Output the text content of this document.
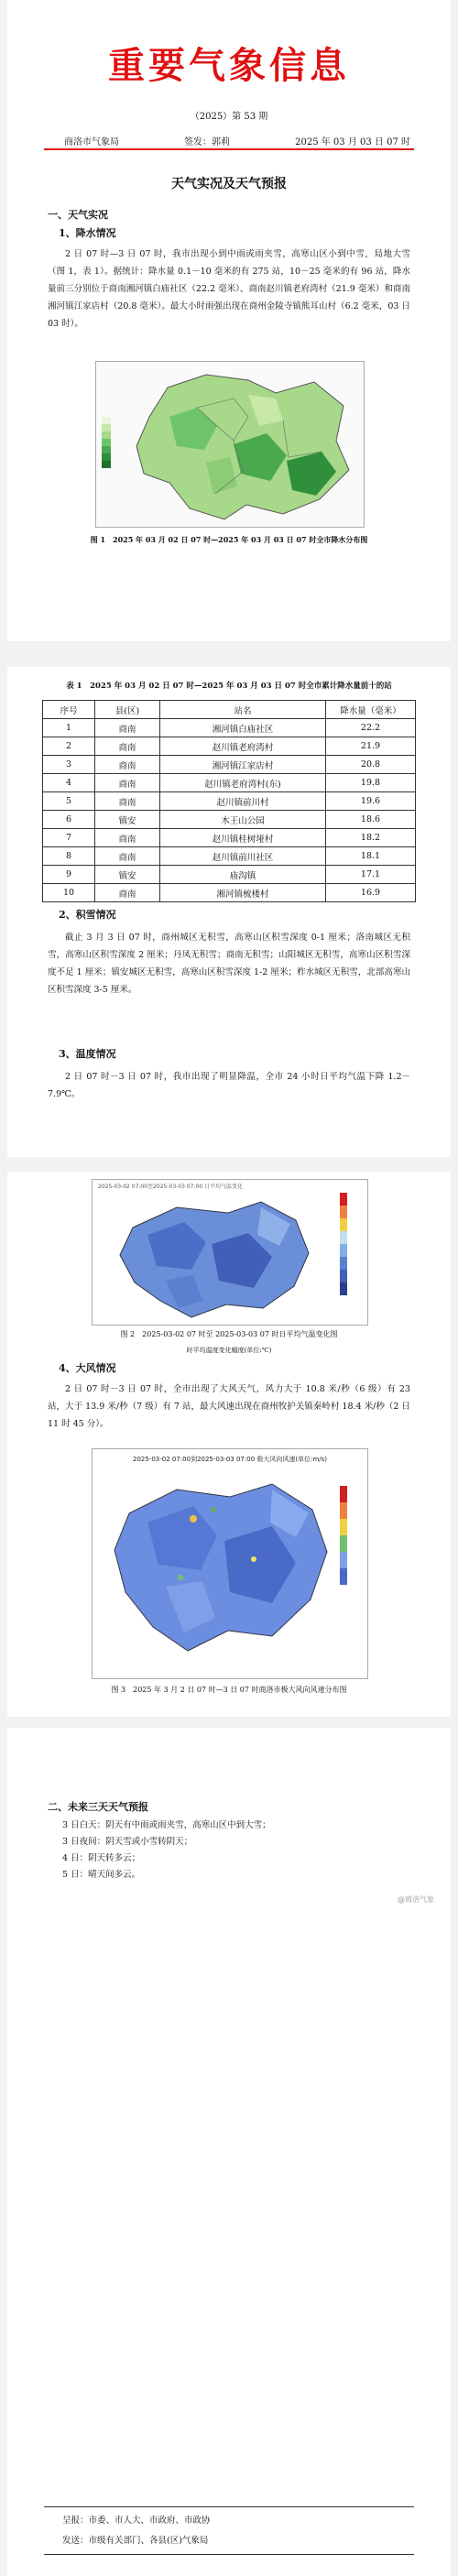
重要气象信息
（2025）第 53 期
商洛市气象局	签发：郭莉	2025 年 03 月 03 日 07 时
天气实况及天气预报
一、天气实况
1、降水情况
2 日 07 时—3 日 07 时，我市出现小到中雨或雨夹雪，高寒山区小到中雪，局地大雪（图 1，表 1）。据统计：降水量 0.1－10 毫米的有 275 站，10－25 毫米的有 96 站，降水量前三分别位于商南湘河镇白庙社区（22.2 毫米）、商南赵川镇老府湾村（21.9 毫米）和商南湘河镇江家店村（20.8 毫米）。最大小时雨强出现在商州金陵寺镇熊耳山村（6.2 毫米，03 日 03 时）。
图 1　2025 年 03 月 02 日 07 时—2025 年 03 月 03 日 07 时全市降水分布图
表 1　2025 年 03 月 02 日 07 时—2025 年 03 月 03 日 07 时全市累计降水量前十的站
序号	县(区)	站名	降水量（毫米）
1	商南	湘河镇白庙社区	22.2
2	商南	赵川镇老府湾村	21.9
3	商南	湘河镇江家店村	20.8
4	商南	赵川镇老府湾村(东)	19.8
5	商南	赵川镇前川村	19.6
6	镇安	木王山公园	18.6
7	商南	赵川镇桂树垭村	18.2
8	商南	赵川镇前川社区	18.1
9	镇安	庙沟镇	17.1
10	商南	湘河镇梳楼村	16.9
2、积雪情况
截止 3 月 3 日 07 时，商州城区无积雪，高寒山区积雪深度 0-1 厘米；洛南城区无积雪，高寒山区积雪深度 2 厘米；丹凤无积雪；商南无积雪；山阳城区无积雪，高寒山区积雪深度不足 1 厘米；镇安城区无积雪，高寒山区积雪深度 1-2 厘米；柞水城区无积雪，北部高寒山区积雪深度 3-5 厘米。
3、温度情况
2 日 07 时－3 日 07 时，我市出现了明显降温，全市 24 小时日平均气温下降 1.2－7.9℃。
2025-03-02 07:00至2025-03-03 07:00 日平均气温变化
图 2　2025-03-02 07 时至 2025-03-03 07 时日平均气温变化图
时平均温度变化幅度(单位:℃)
4、大风情况
2 日 07 时－3 日 07 时，全市出现了大风天气，风力大于 10.8 米/秒（6 级）有 23 站，大于 13.9 米/秒（7 级）有 7 站，最大风速出现在商州牧护关镇秦岭村 18.4 米/秒（2 日 11 时 45 分）。
2025-03-02 07:00到2025-03-03 07:00 极大风向风速(单位:m/s)
图 3　2025 年 3 月 2 日 07 时—3 日 07 时商洛市极大风向风速分布图
二、未来三天天气预报
3 日白天：阴天有中雨或雨夹雪，高寒山区中到大雪；
3 日夜间：阴天雪或小雪转阴天；
4 日：阴天转多云；
5 日：晴天间多云。
@商洛气象
呈报：市委、市人大、市政府、市政协
发送：市级有关部门、各县(区)气象局
